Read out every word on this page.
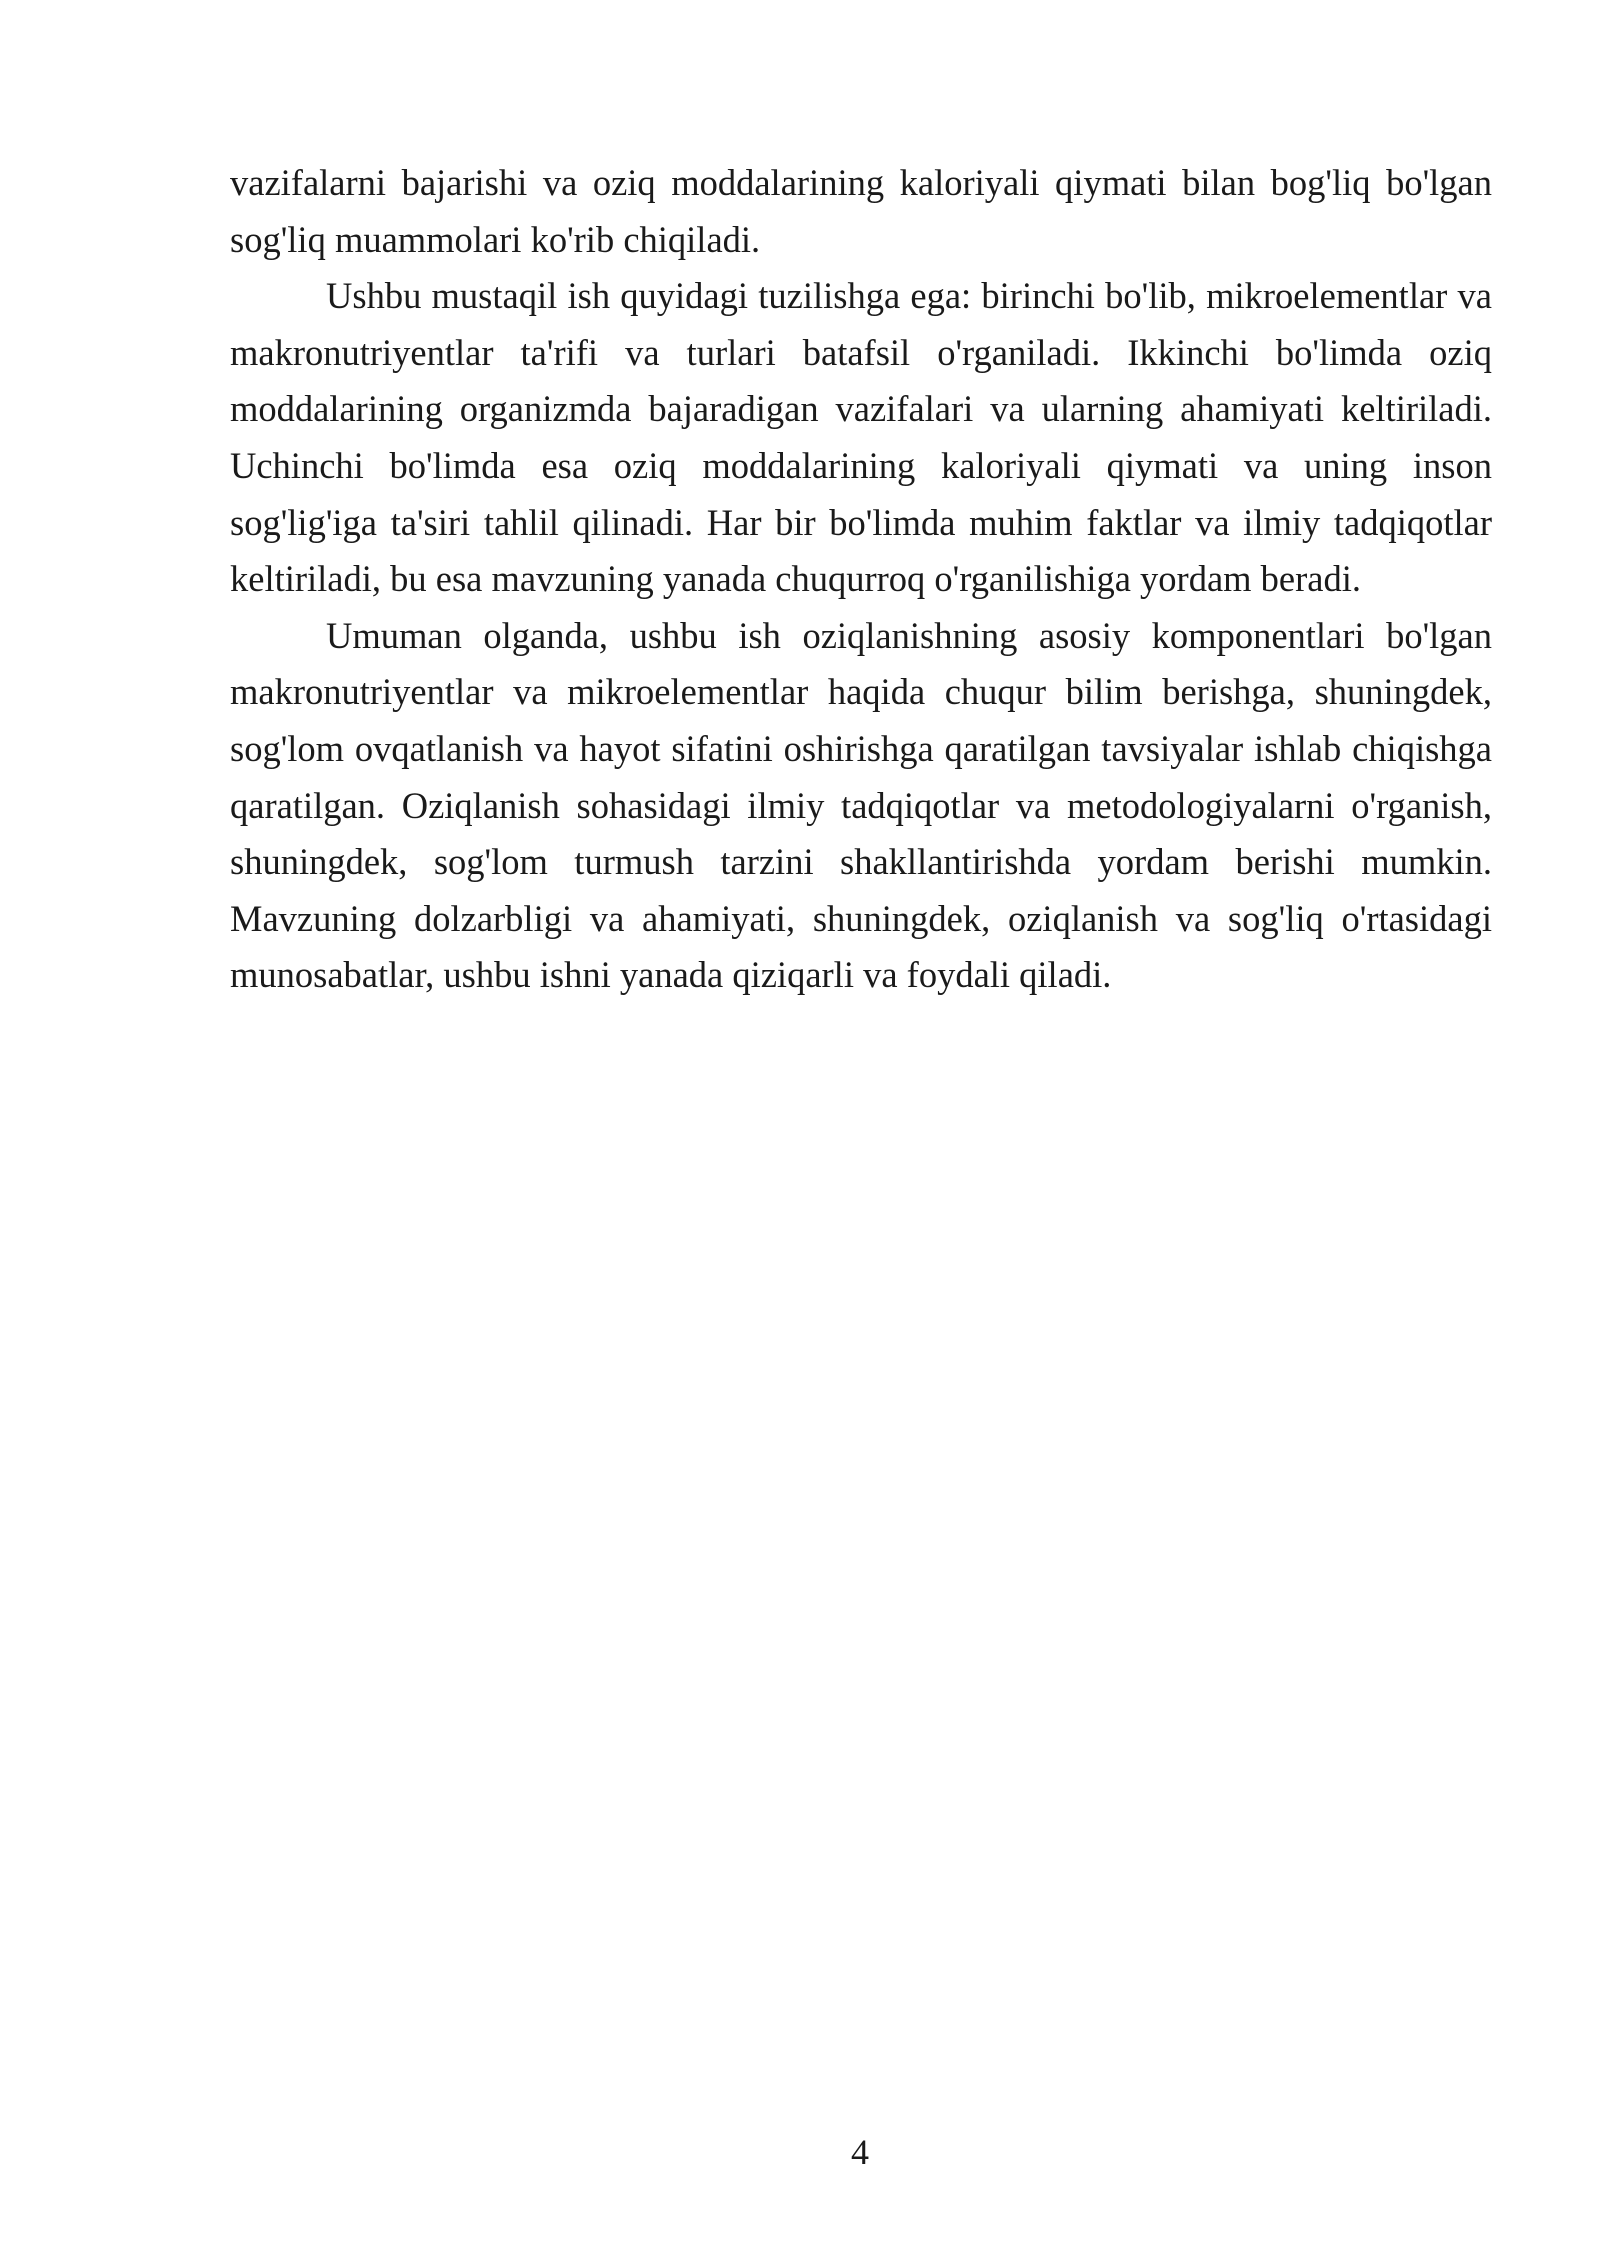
vazifalarni bajarishi va oziq moddalarining kaloriyali qiymati bilan bog'liq bo'lgan sog'liq muammolari ko'rib chiqiladi.

Ushbu mustaqil ish quyidagi tuzilishga ega: birinchi bo'lib, mikroelementlar va makronutriyentlar ta'rifi va turlari batafsil o'rganiladi. Ikkinchi bo'limda oziq moddalarining organizmda bajaradigan vazifalari va ularning ahamiyati keltiriladi. Uchinchi bo'limda esa oziq moddalarining kaloriyali qiymati va uning inson sog'lig'iga ta'siri tahlil qilinadi. Har bir bo'limda muhim faktlar va ilmiy tadqiqotlar keltiriladi, bu esa mavzuning yanada chuqurroq o'rganilishiga yordam beradi.

Umuman olganda, ushbu ish oziqlanishning asosiy komponentlari bo'lgan makronutriyentlar va mikroelementlar haqida chuqur bilim berishga, shuningdek, sog'lom ovqatlanish va hayot sifatini oshirishga qaratilgan tavsiyalar ishlab chiqishga qaratilgan. Oziqlanish sohasidagi ilmiy tadqiqotlar va metodologiyalarni o'rganish, shuningdek, sog'lom turmush tarzini shakllantirishda yordam berishi mumkin. Mavzuning dolzarbligi va ahamiyati, shuningdek, oziqlanish va sog'liq o'rtasidagi munosabatlar, ushbu ishni yanada qiziqarli va foydali qiladi.

4
